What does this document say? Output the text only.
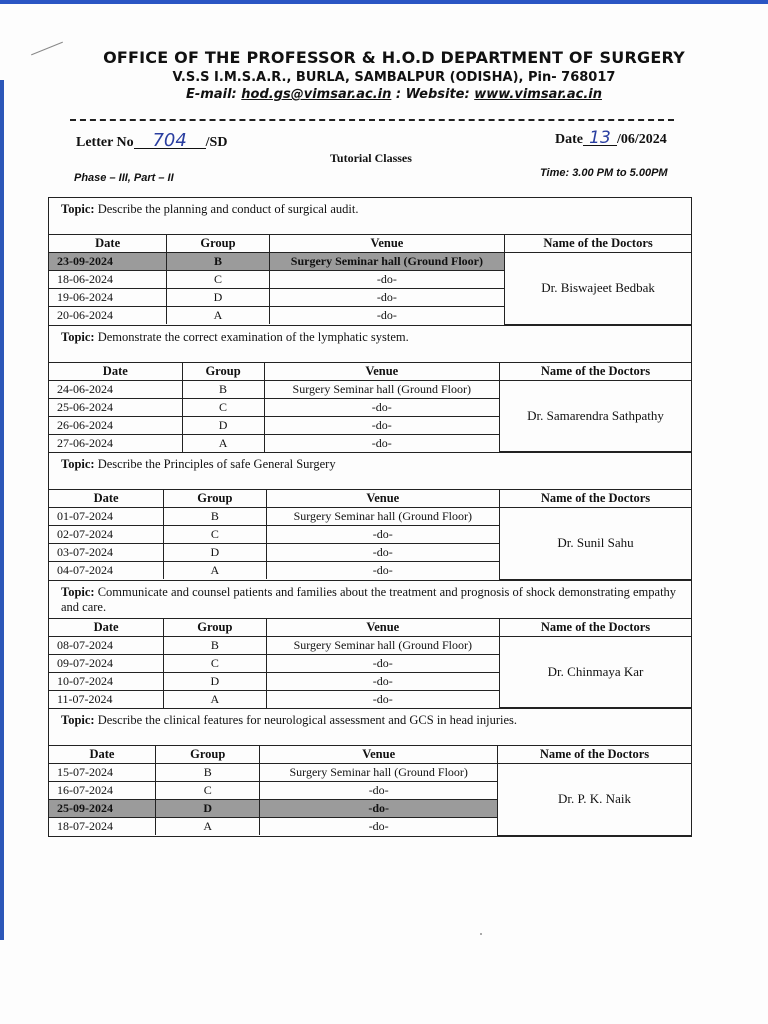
OFFICE OF THE PROFESSOR & H.O.D DEPARTMENT OF SURGERY
V.S.S I.M.S.A.R., BURLA, SAMBALPUR (ODISHA), Pin- 768017
E-mail: hod.gs@vimsar.ac.in : Website: www.vimsar.ac.in
Letter No 704 /SD	Date 13 /06/2024
Tutorial Classes
Phase – III, Part – II	Time: 3.00 PM to 5.00PM
Topic: Describe the planning and conduct of surgical audit.
Date	Group	Venue	Name of the Doctors
23-09-2024	B	Surgery Seminar hall (Ground Floor)	Dr. Biswajeet Bedbak
18-06-2024	C	-do-	
19-06-2024	D	-do-	
20-06-2024	A	-do-	
Topic: Demonstrate the correct examination of the lymphatic system.
Date	Group	Venue	Name of the Doctors
24-06-2024	B	Surgery Seminar hall (Ground Floor)	Dr. Samarendra Sathpathy
25-06-2024	C	-do-	
26-06-2024	D	-do-	
27-06-2024	A	-do-	
Topic: Describe the Principles of safe General Surgery
Date	Group	Venue	Name of the Doctors
01-07-2024	B	Surgery Seminar hall (Ground Floor)	Dr. Sunil Sahu
02-07-2024	C	-do-	
03-07-2024	D	-do-	
04-07-2024	A	-do-	
Topic: Communicate and counsel patients and families about the treatment and prognosis of shock demonstrating empathy and care.
Date	Group	Venue	Name of the Doctors
08-07-2024	B	Surgery Seminar hall (Ground Floor)	Dr. Chinmaya Kar
09-07-2024	C	-do-	
10-07-2024	D	-do-	
11-07-2024	A	-do-	
Topic: Describe the clinical features for neurological assessment and GCS in head injuries.
Date	Group	Venue	Name of the Doctors
15-07-2024	B	Surgery Seminar hall (Ground Floor)	Dr. P. K. Naik
16-07-2024	C	-do-	
25-09-2024	D	-do-	
18-07-2024	A	-do-	
